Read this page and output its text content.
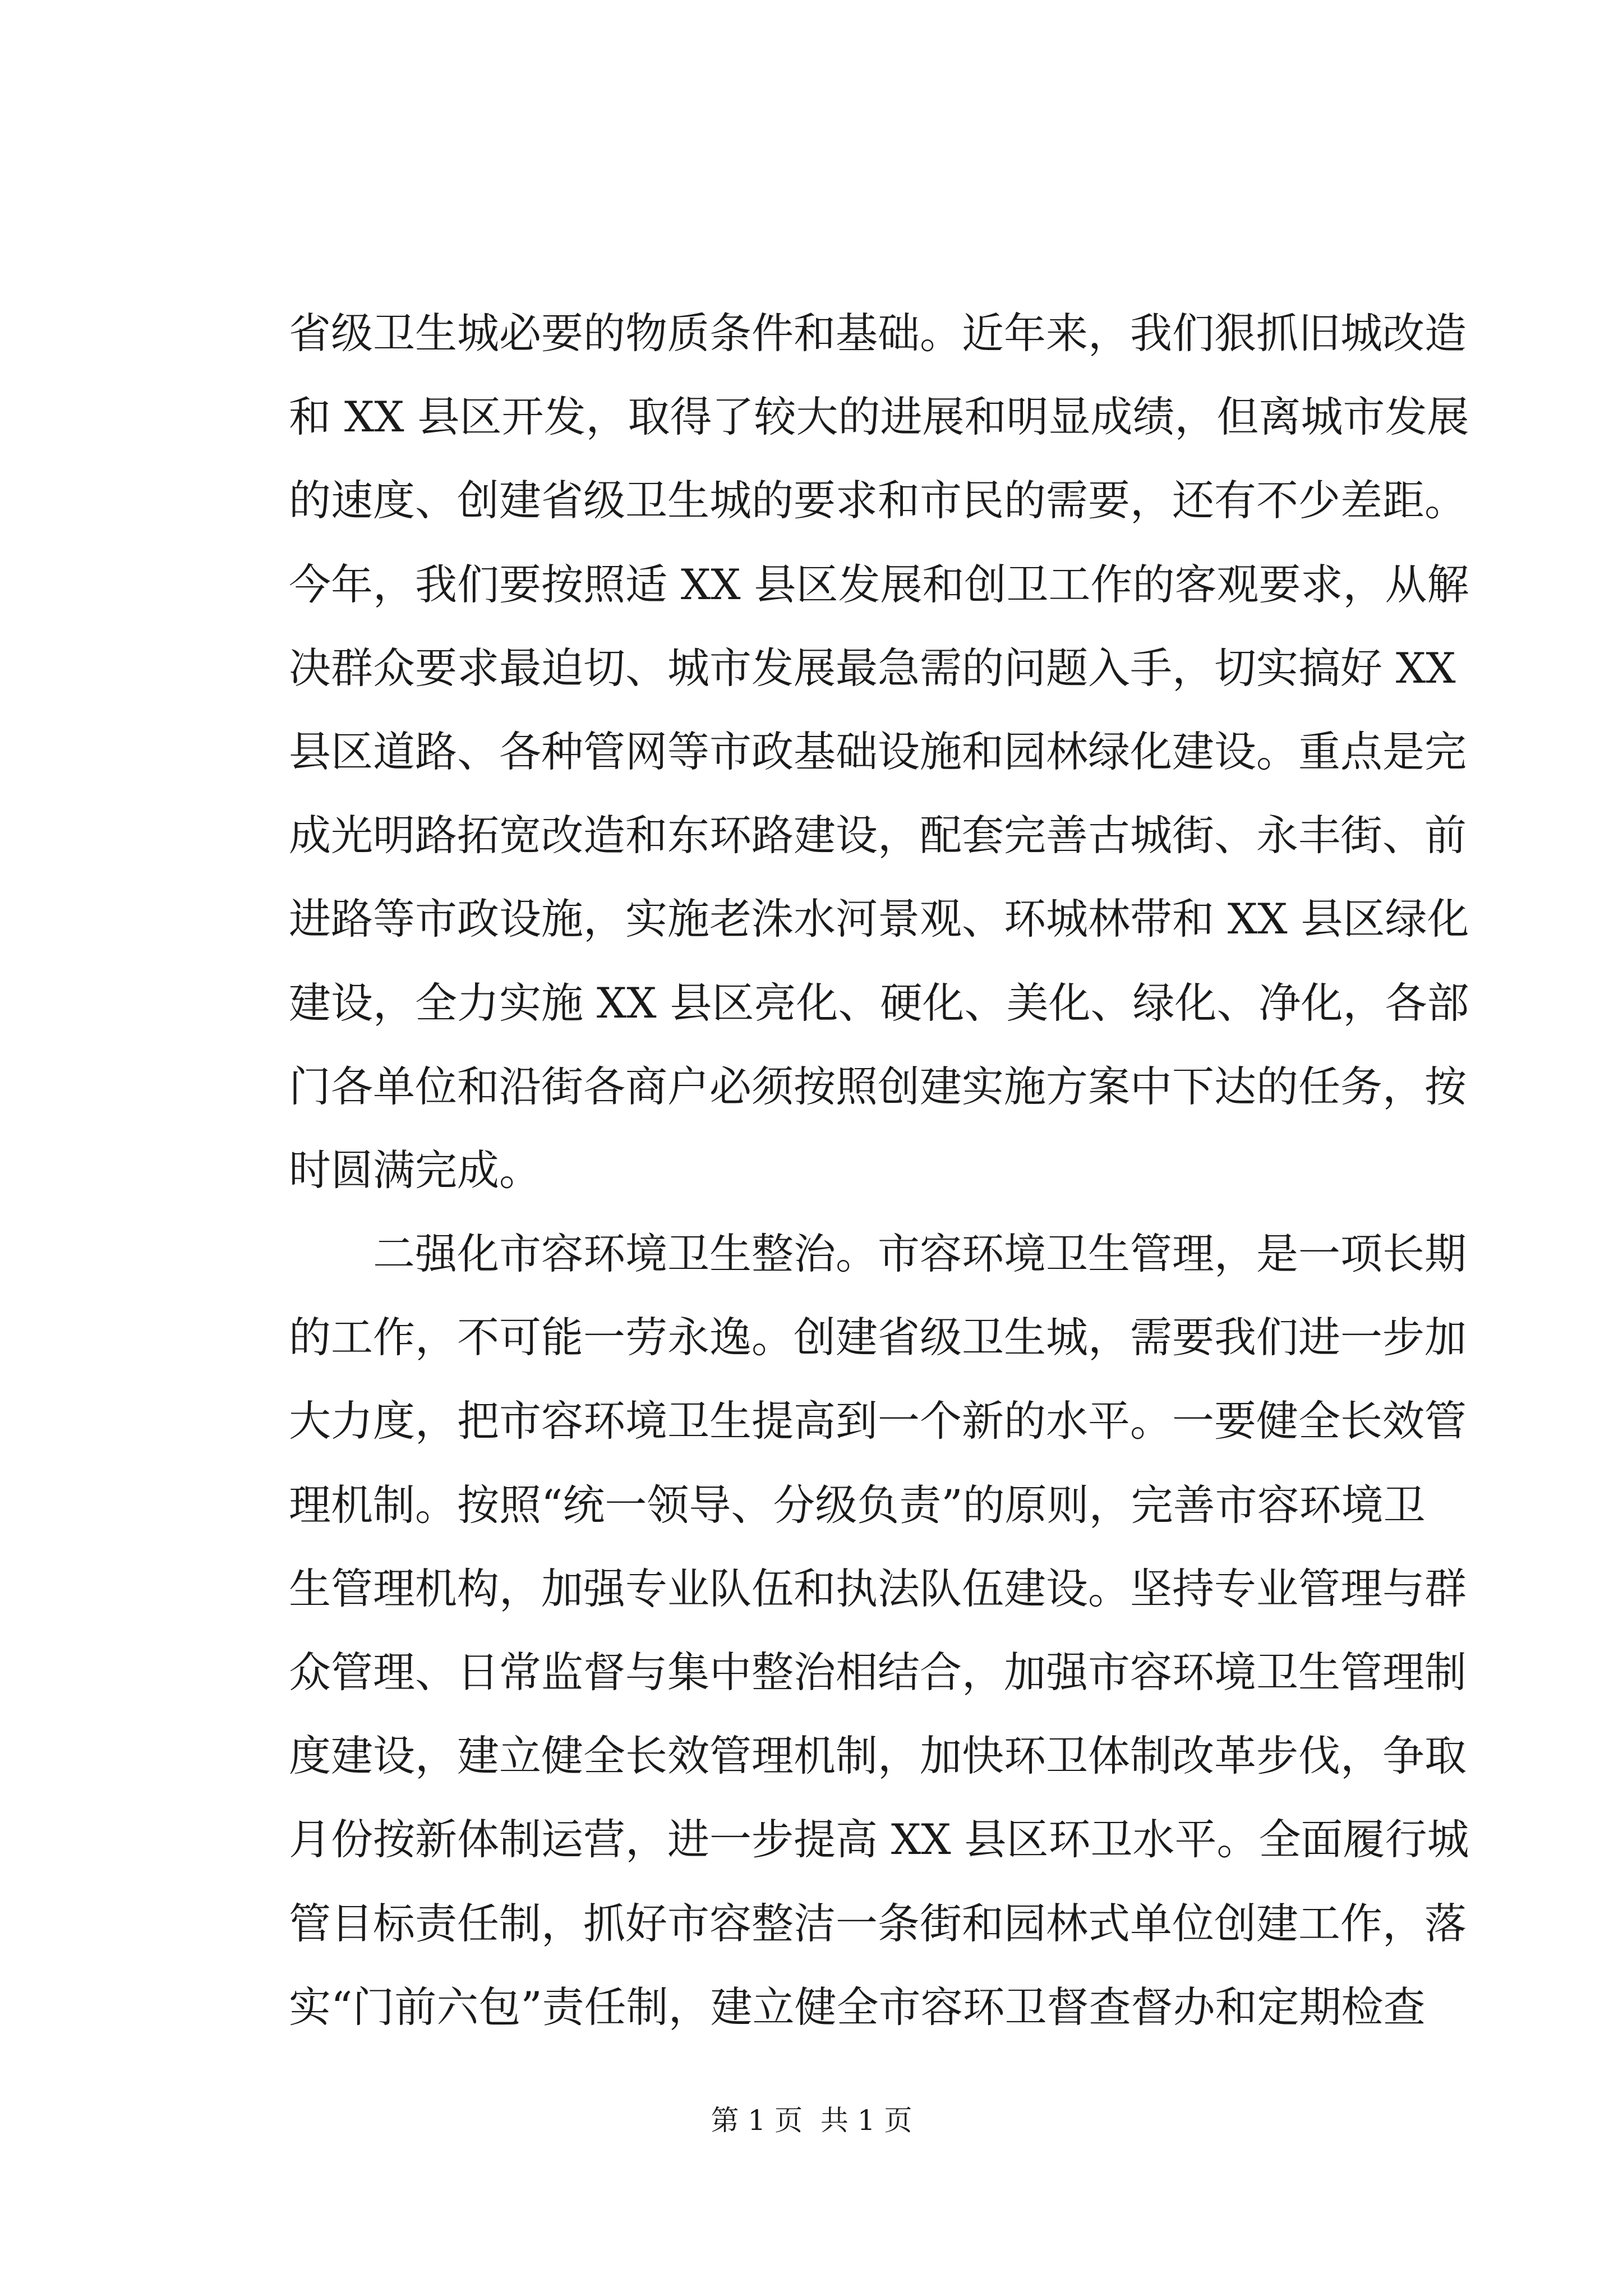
省级卫生城必要的物质条件和基础。近年来，我们狠抓旧城改造
和 XX 县区开发，取得了较大的进展和明显成绩，但离城市发展
的速度、创建省级卫生城的要求和市民的需要，还有不少差距。
今年，我们要按照适 XX 县区发展和创卫工作的客观要求，从解
决群众要求最迫切、城市发展最急需的问题入手，切实搞好 XX
县区道路、各种管网等市政基础设施和园林绿化建设。重点是完
成光明路拓宽改造和东环路建设，配套完善古城街、永丰街、前
进路等市政设施，实施老洙水河景观、环城林带和 XX 县区绿化
建设，全力实施 XX 县区亮化、硬化、美化、绿化、净化，各部
门各单位和沿街各商户必须按照创建实施方案中下达的任务，按
时圆满完成。
二强化市容环境卫生整治。市容环境卫生管理，是一项长期
的工作，不可能一劳永逸。创建省级卫生城，需要我们进一步加
大力度，把市容环境卫生提高到一个新的水平。一要健全长效管
理机制。按照“统一领导、分级负责”的原则，完善市容环境卫
生管理机构，加强专业队伍和执法队伍建设。坚持专业管理与群
众管理、日常监督与集中整治相结合，加强市容环境卫生管理制
度建设，建立健全长效管理机制，加快环卫体制改革步伐，争取
月份按新体制运营，进一步提高 XX 县区环卫水平。全面履行城
管目标责任制，抓好市容整洁一条街和园林式单位创建工作，落
实“门前六包”责任制，建立健全市容环卫督查督办和定期检查
第 1 页  共 1 页
